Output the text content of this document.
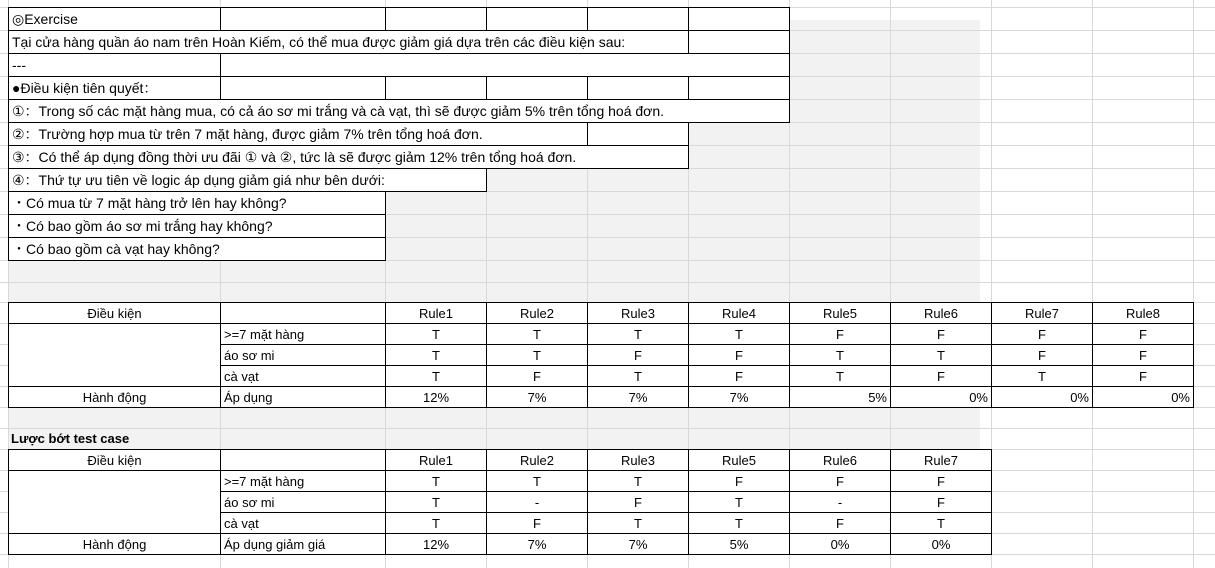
◎Exercise
Tại cửa hàng quần áo nam trên Hoàn Kiếm, có thể mua được giảm giá dựa trên các điều kiện sau:
---
●Điều kiện tiên quyết：
①：Trong số các mặt hàng mua, có cả áo sơ mi trắng và cà vạt, thì sẽ được giảm 5% trên tổng hoá đơn.
②：Trường hợp mua từ trên 7 mặt hàng, được giảm 7% trên tổng hoá đơn.
③：Có thể áp dụng đồng thời ưu đãi ① và ②, tức là sẽ được giảm 12% trên tổng hoá đơn.
④：Thứ tự ưu tiên về logic áp dụng giảm giá như bên dưới:
・Có mua từ 7 mặt hàng trở lên hay không?
・Có bao gồm áo sơ mi trắng hay không?
・Có bao gồm cà vạt hay không?
Điều kiện	Rule1	Rule2	Rule3	Rule4	Rule5	Rule6	Rule7	Rule8
>=7 mặt hàng	T	T	T	T	F	F	F	F
áo sơ mi	T	T	F	F	T	T	F	F
cà vạt	T	F	T	F	T	F	T	F
Hành động	Áp dụng	12%	7%	7%	7%	5%	0%	0%	0%
Lược bớt test case
Điều kiện	Rule1	Rule2	Rule3	Rule5	Rule6	Rule7
>=7 mặt hàng	T	T	T	F	F	F
áo sơ mi	T	-	F	T	-	F
cà vạt	T	F	T	T	F	T
Hành động	Áp dụng giảm giá	12%	7%	7%	5%	0%	0%
